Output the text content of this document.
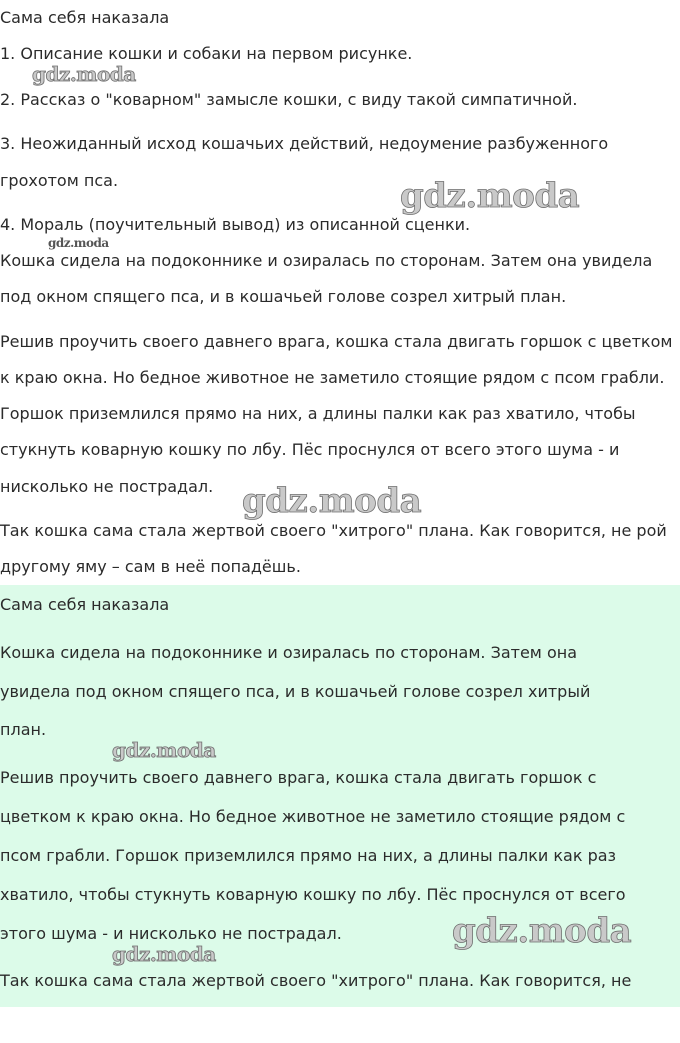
Сама себя наказала
1. Описание кошки и собаки на первом рисунке.
2. Рассказ о "коварном" замысле кошки, с виду такой симпатичной.
3. Неожиданный исход кошачьих действий, недоумение разбуженного
грохотом пса.
4. Мораль (поучительный вывод) из описанной сценки.
Кошка сидела на подоконнике и озиралась по сторонам. Затем она увидела
под окном спящего пса, и в кошачьей голове созрел хитрый план.
Решив проучить своего давнего врага, кошка стала двигать горшок с цветком
к краю окна. Но бедное животное не заметило стоящие рядом с псом грабли.
Горшок приземлился прямо на них, а длины палки как раз хватило, чтобы
стукнуть коварную кошку по лбу. Пёс проснулся от всего этого шума - и
нисколько не пострадал.
Так кошка сама стала жертвой своего "хитрого" плана. Как говорится, не рой
другому яму – сам в неё попадёшь.
Сама себя наказала
Кошка сидела на подоконнике и озиралась по сторонам. Затем она
увидела под окном спящего пса, и в кошачьей голове созрел хитрый
план.
Решив проучить своего давнего врага, кошка стала двигать горшок с
цветком к краю окна. Но бедное животное не заметило стоящие рядом с
псом грабли. Горшок приземлился прямо на них, а длины палки как раз
хватило, чтобы стукнуть коварную кошку по лбу. Пёс проснулся от всего
этого шума - и нисколько не пострадал.
Так кошка сама стала жертвой своего "хитрого" плана. Как говорится, не
gdz.moda
gdz.moda
gdz.moda
gdz.moda
gdz.moda
gdz.moda
gdz.moda
